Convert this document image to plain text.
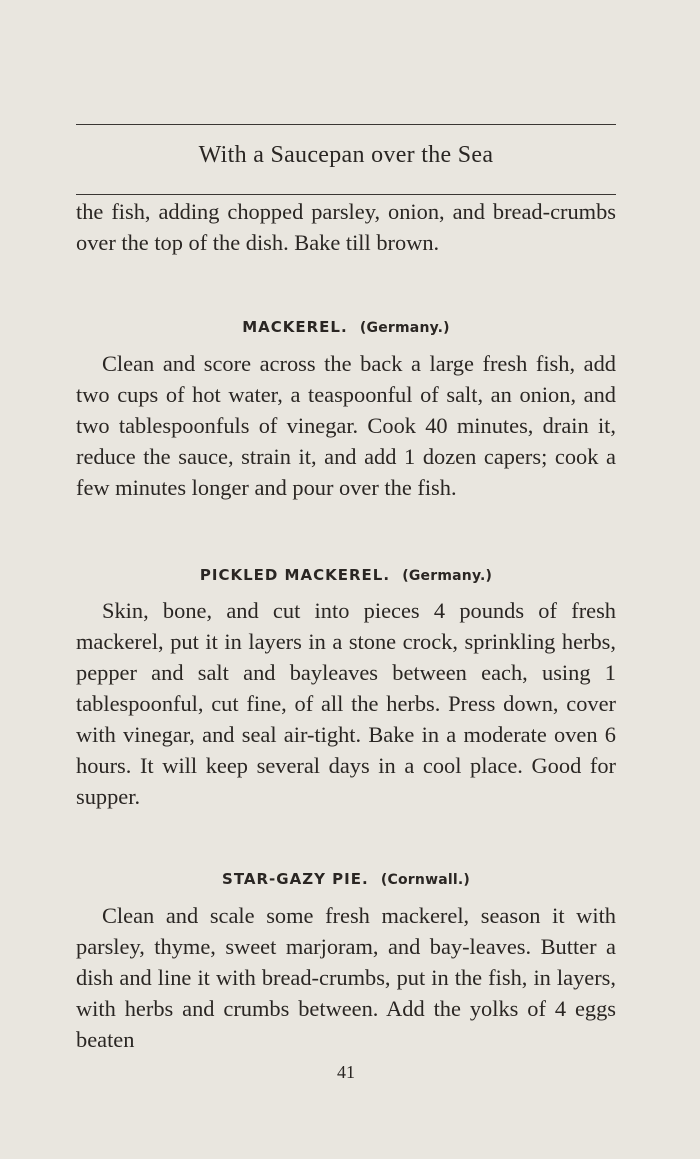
With a Saucepan over the Sea

the fish, adding chopped parsley, onion, and bread-crumbs over the top of the dish. Bake till brown.

MACKEREL. (Germany.)

Clean and score across the back a large fresh fish, add two cups of hot water, a teaspoonful of salt, an onion, and two tablespoonfuls of vinegar. Cook 40 minutes, drain it, reduce the sauce, strain it, and add 1 dozen capers; cook a few minutes longer and pour over the fish.

PICKLED MACKEREL. (Germany.)

Skin, bone, and cut into pieces 4 pounds of fresh mackerel, put it in layers in a stone crock, sprinkling herbs, pepper and salt and bayleaves between each, using 1 tablespoonful, cut fine, of all the herbs. Press down, cover with vinegar, and seal air-tight. Bake in a moderate oven 6 hours. It will keep several days in a cool place. Good for supper.

STAR-GAZY PIE. (Cornwall.)

Clean and scale some fresh mackerel, season it with parsley, thyme, sweet marjoram, and bay-leaves. Butter a dish and line it with bread-crumbs, put in the fish, in layers, with herbs and crumbs between. Add the yolks of 4 eggs beaten

41
